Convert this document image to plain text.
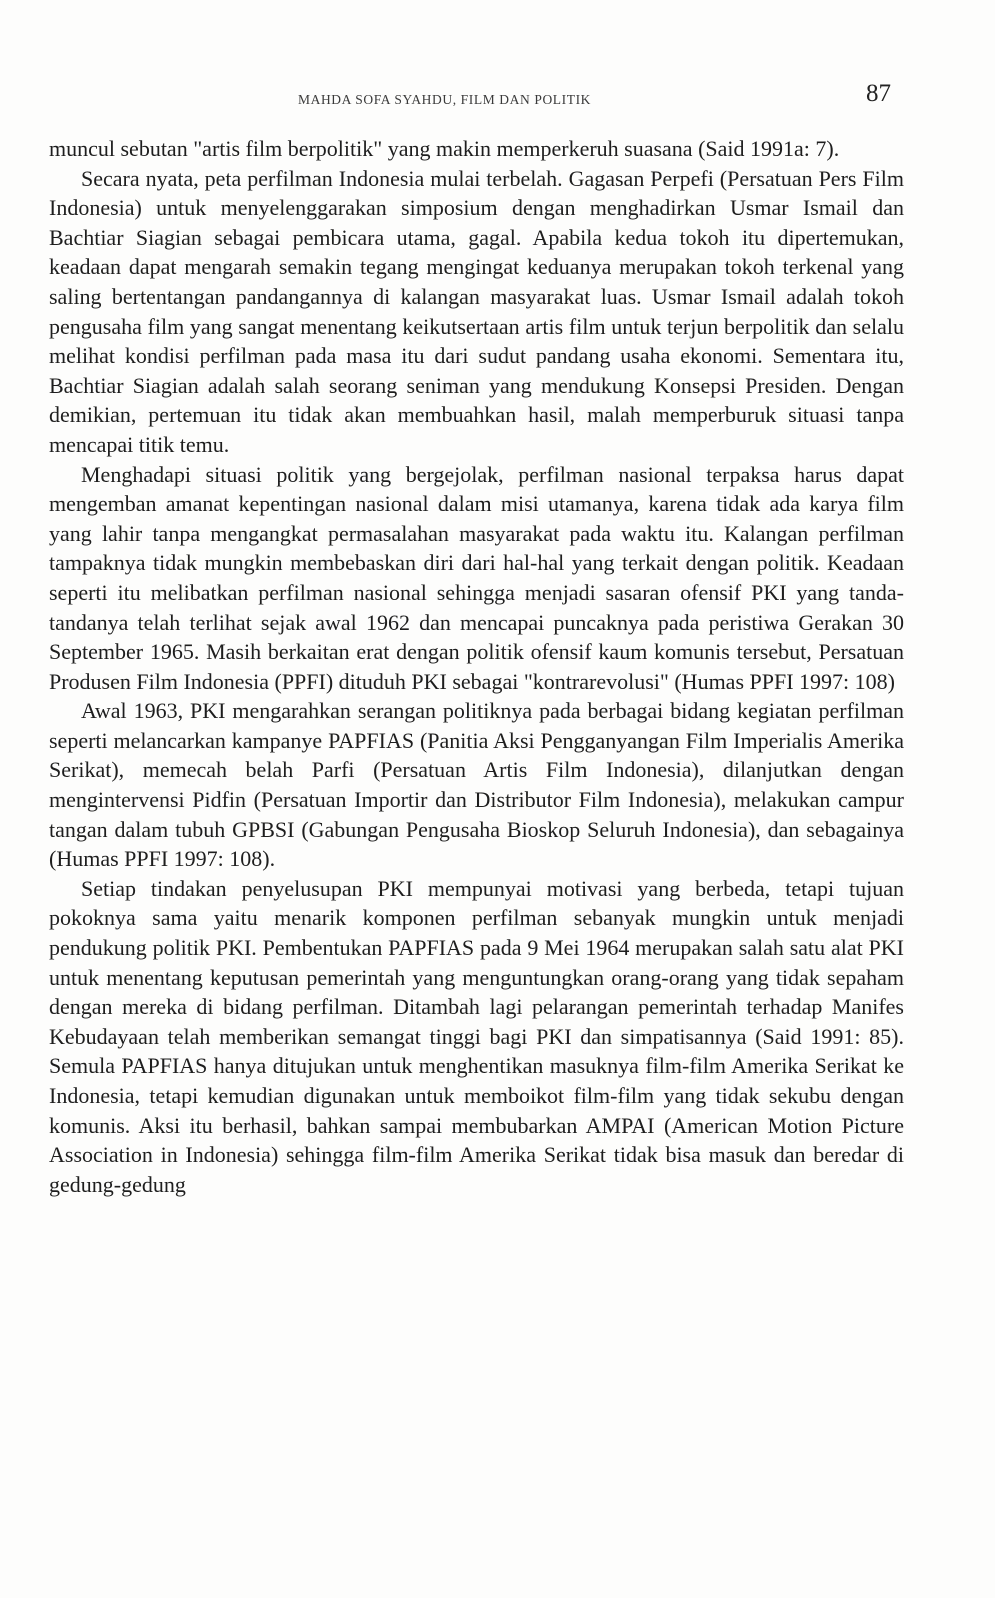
MAHDA SOFA SYAHDU, FILM DAN POLITIK	87

muncul sebutan "artis film berpolitik" yang makin memperkeruh suasana (Said 1991a: 7).

Secara nyata, peta perfilman Indonesia mulai terbelah. Gagasan Perpefi (Persatuan Pers Film Indonesia) untuk menyelenggarakan simposium dengan menghadirkan Usmar Ismail dan Bachtiar Siagian sebagai pembicara utama, gagal. Apabila kedua tokoh itu dipertemukan, keadaan dapat mengarah semakin tegang mengingat keduanya merupakan tokoh terkenal yang saling bertentangan pandangannya di kalangan masyarakat luas. Usmar Ismail adalah tokoh pengusaha film yang sangat menentang keikutsertaan artis film untuk terjun berpolitik dan selalu melihat kondisi perfilman pada masa itu dari sudut pandang usaha ekonomi. Sementara itu, Bachtiar Siagian adalah salah seorang seniman yang mendukung Konsepsi Presiden. Dengan demikian, pertemuan itu tidak akan membuahkan hasil, malah memperburuk situasi tanpa mencapai titik temu.

Menghadapi situasi politik yang bergejolak, perfilman nasional terpaksa harus dapat mengemban amanat kepentingan nasional dalam misi utamanya, karena tidak ada karya film yang lahir tanpa mengangkat permasalahan masyarakat pada waktu itu. Kalangan perfilman tampaknya tidak mungkin membebaskan diri dari hal-hal yang terkait dengan politik. Keadaan seperti itu melibatkan perfilman nasional sehingga menjadi sasaran ofensif PKI yang tanda-tandanya telah terlihat sejak awal 1962 dan mencapai puncaknya pada peristiwa Gerakan 30 September 1965. Masih berkaitan erat dengan politik ofensif kaum komunis tersebut, Persatuan Produsen Film Indonesia (PPFI) dituduh PKI sebagai "kontrarevolusi" (Humas PPFI 1997: 108)

Awal 1963, PKI mengarahkan serangan politiknya pada berbagai bidang kegiatan perfilman seperti melancarkan kampanye PAPFIAS (Panitia Aksi Pengganyangan Film Imperialis Amerika Serikat), memecah belah Parfi (Persatuan Artis Film Indonesia), dilanjutkan dengan mengintervensi Pidfin (Persatuan Importir dan Distributor Film Indonesia), melakukan campur tangan dalam tubuh GPBSI (Gabungan Pengusaha Bioskop Seluruh Indonesia), dan sebagainya (Humas PPFI 1997: 108).

Setiap tindakan penyelusupan PKI mempunyai motivasi yang berbeda, tetapi tujuan pokoknya sama yaitu menarik komponen perfilman sebanyak mungkin untuk menjadi pendukung politik PKI. Pembentukan PAPFIAS pada 9 Mei 1964 merupakan salah satu alat PKI untuk menentang keputusan pemerintah yang menguntungkan orang-orang yang tidak sepaham dengan mereka di bidang perfilman. Ditambah lagi pelarangan pemerintah terhadap Manifes Kebudayaan telah memberikan semangat tinggi bagi PKI dan simpatisannya (Said 1991: 85). Semula PAPFIAS hanya ditujukan untuk menghentikan masuknya film-film Amerika Serikat ke Indonesia, tetapi kemudian digunakan untuk memboikot film-film yang tidak sekubu dengan komunis. Aksi itu berhasil, bahkan sampai membubarkan AMPAI (American Motion Picture Association in Indonesia) sehingga film-film Amerika Serikat tidak bisa masuk dan beredar di gedung-gedung
